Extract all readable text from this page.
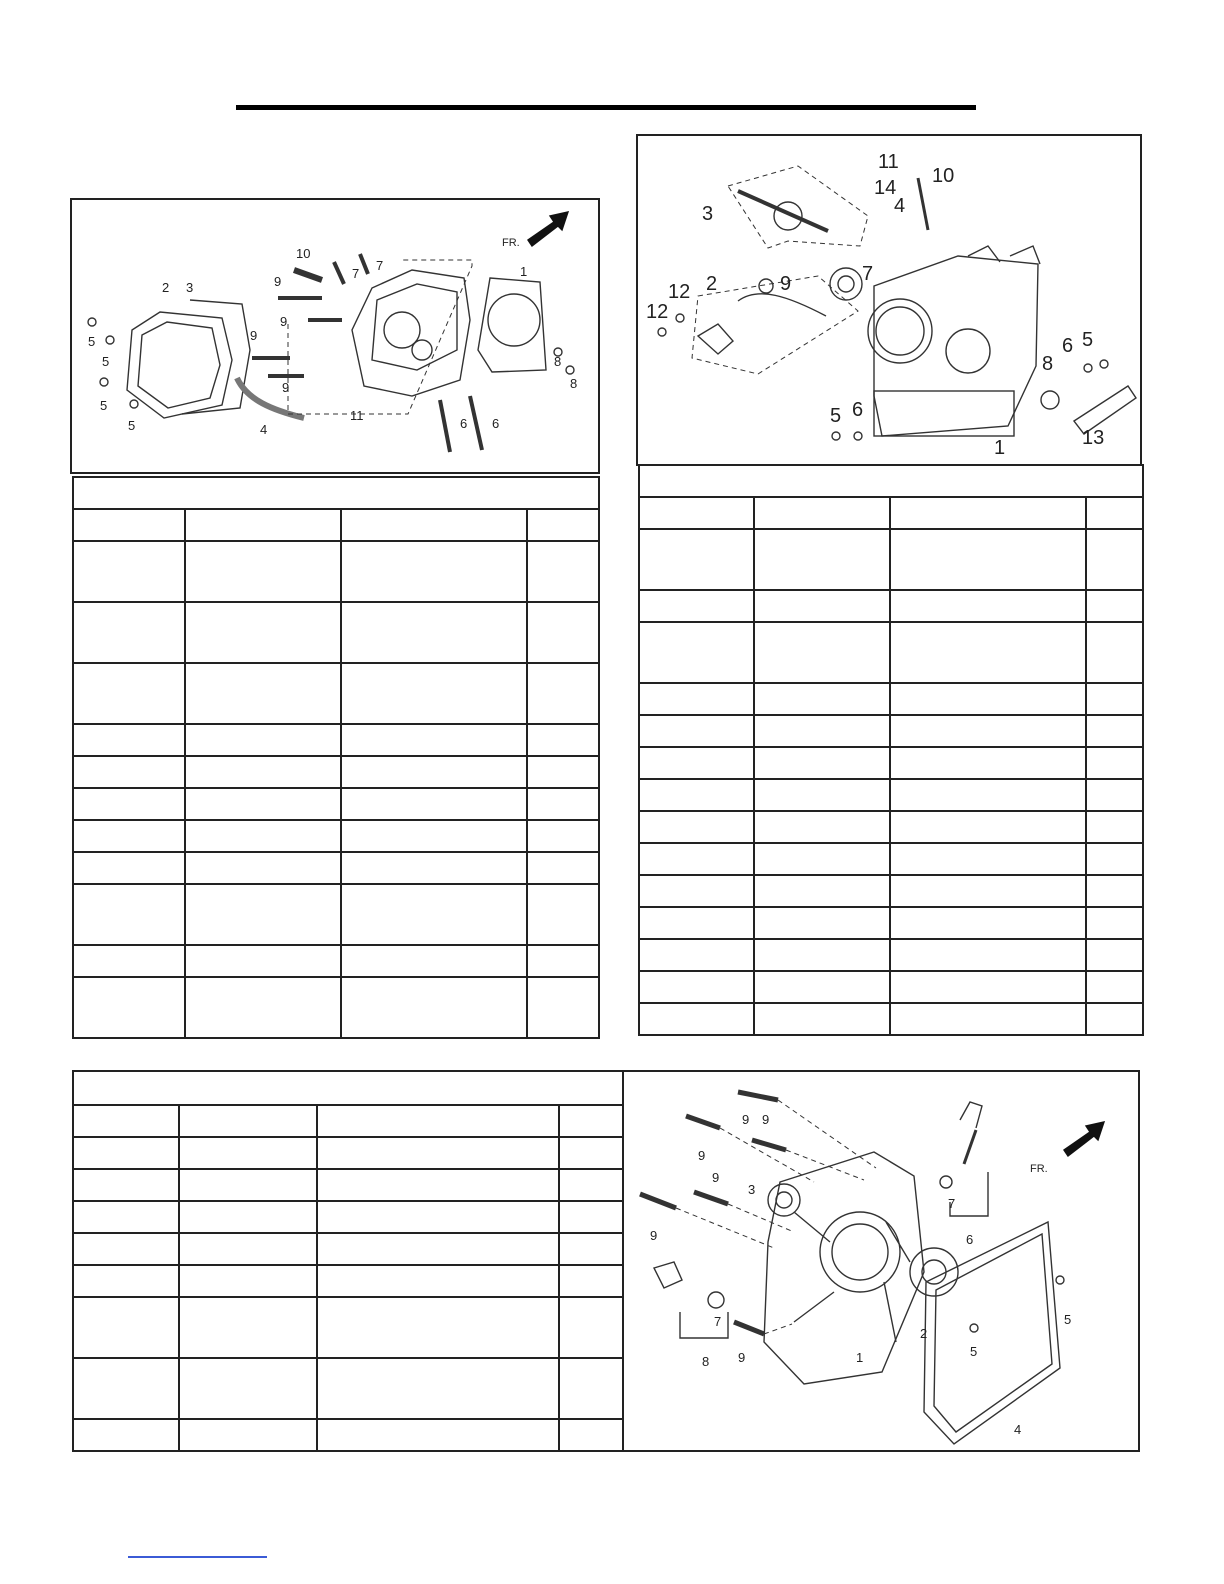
FR.
1
2 3
4
5
5
5
5	6 6
7
7
8
8
9
9
9
9
10
11

1
2
3	4
5
5
6
6
7
8
9
10
11
12
12
13
14

FR.
1
2
3
4
5
5
6
7
7
8
9 9
9
9
9
9
